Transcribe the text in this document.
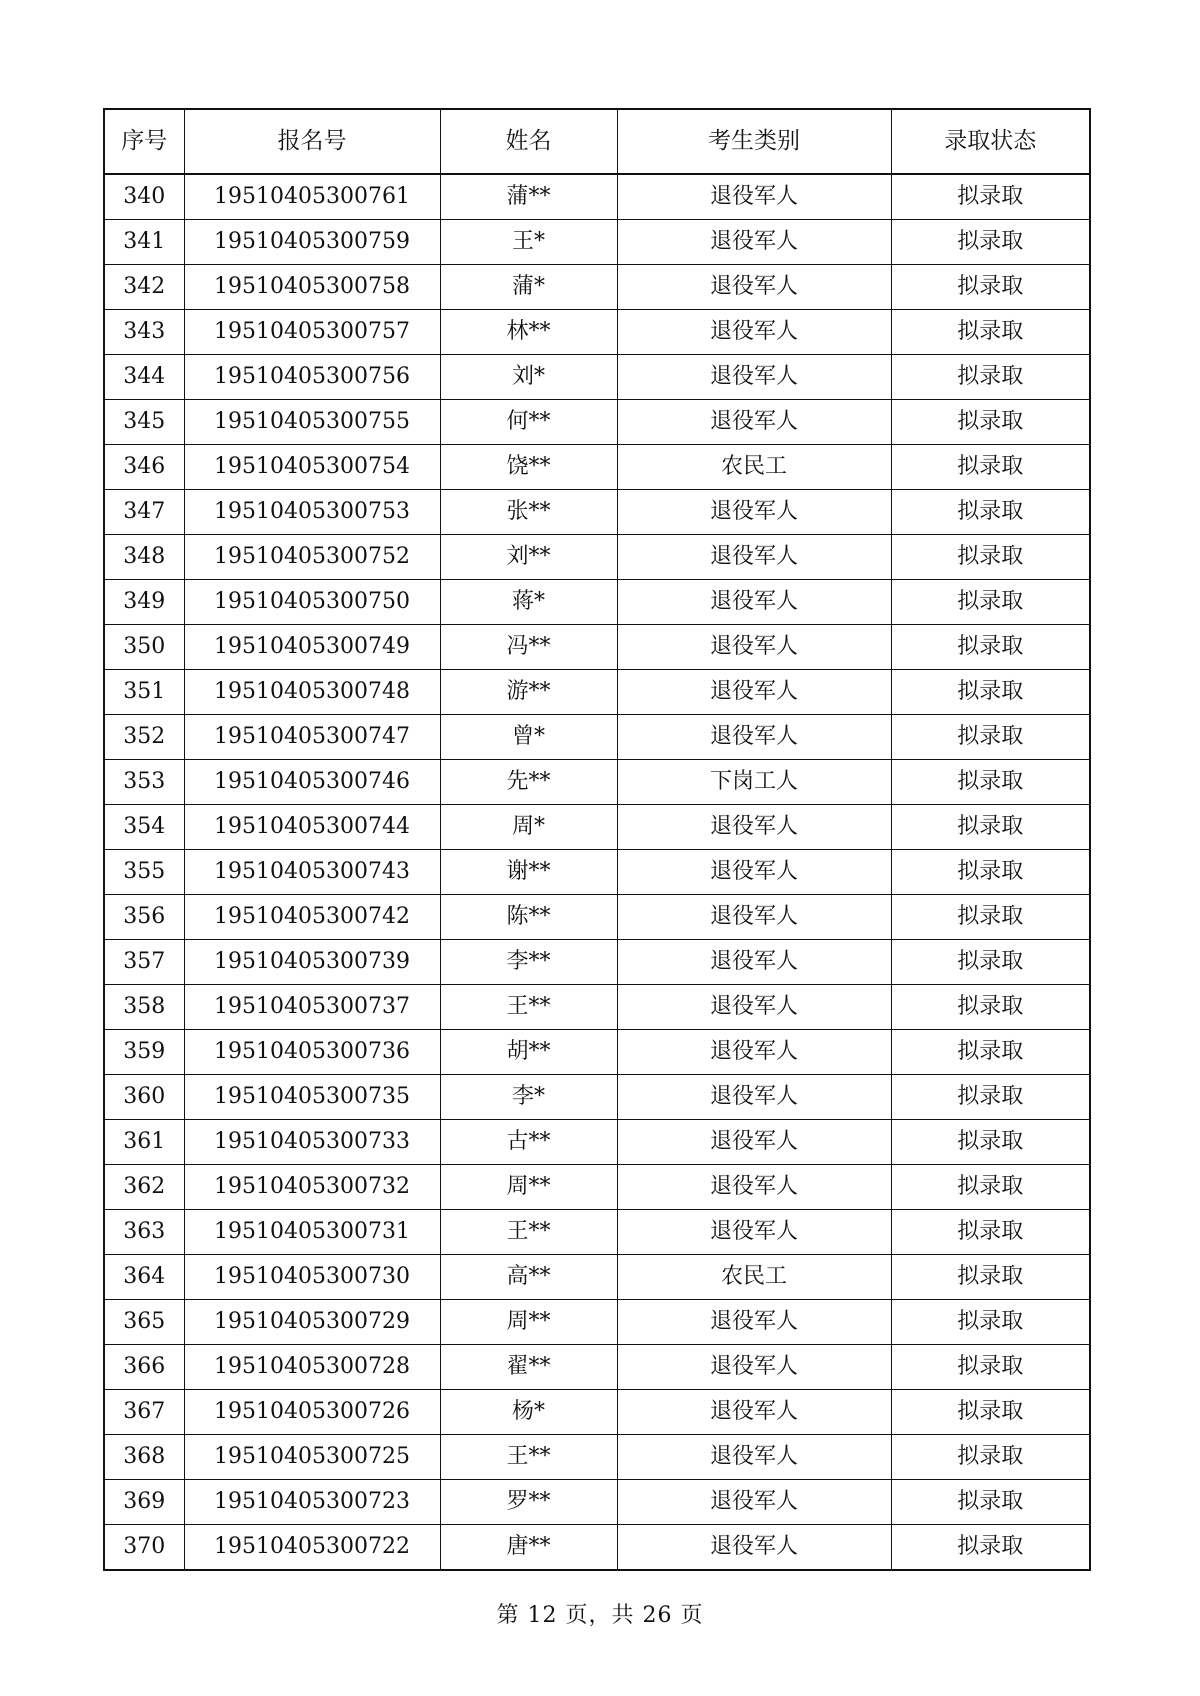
序号	报名号	姓名	考生类别	录取状态
340	19510405300761	蒲**	退役军人	拟录取
341	19510405300759	王*	退役军人	拟录取
342	19510405300758	蒲*	退役军人	拟录取
343	19510405300757	林**	退役军人	拟录取
344	19510405300756	刘*	退役军人	拟录取
345	19510405300755	何**	退役军人	拟录取
346	19510405300754	饶**	农民工	拟录取
347	19510405300753	张**	退役军人	拟录取
348	19510405300752	刘**	退役军人	拟录取
349	19510405300750	蒋*	退役军人	拟录取
350	19510405300749	冯**	退役军人	拟录取
351	19510405300748	游**	退役军人	拟录取
352	19510405300747	曾*	退役军人	拟录取
353	19510405300746	先**	下岗工人	拟录取
354	19510405300744	周*	退役军人	拟录取
355	19510405300743	谢**	退役军人	拟录取
356	19510405300742	陈**	退役军人	拟录取
357	19510405300739	李**	退役军人	拟录取
358	19510405300737	王**	退役军人	拟录取
359	19510405300736	胡**	退役军人	拟录取
360	19510405300735	李*	退役军人	拟录取
361	19510405300733	古**	退役军人	拟录取
362	19510405300732	周**	退役军人	拟录取
363	19510405300731	王**	退役军人	拟录取
364	19510405300730	高**	农民工	拟录取
365	19510405300729	周**	退役军人	拟录取
366	19510405300728	翟**	退役军人	拟录取
367	19510405300726	杨*	退役军人	拟录取
368	19510405300725	王**	退役军人	拟录取
369	19510405300723	罗**	退役军人	拟录取
370	19510405300722	唐**	退役军人	拟录取
第 12 页，共 26 页
